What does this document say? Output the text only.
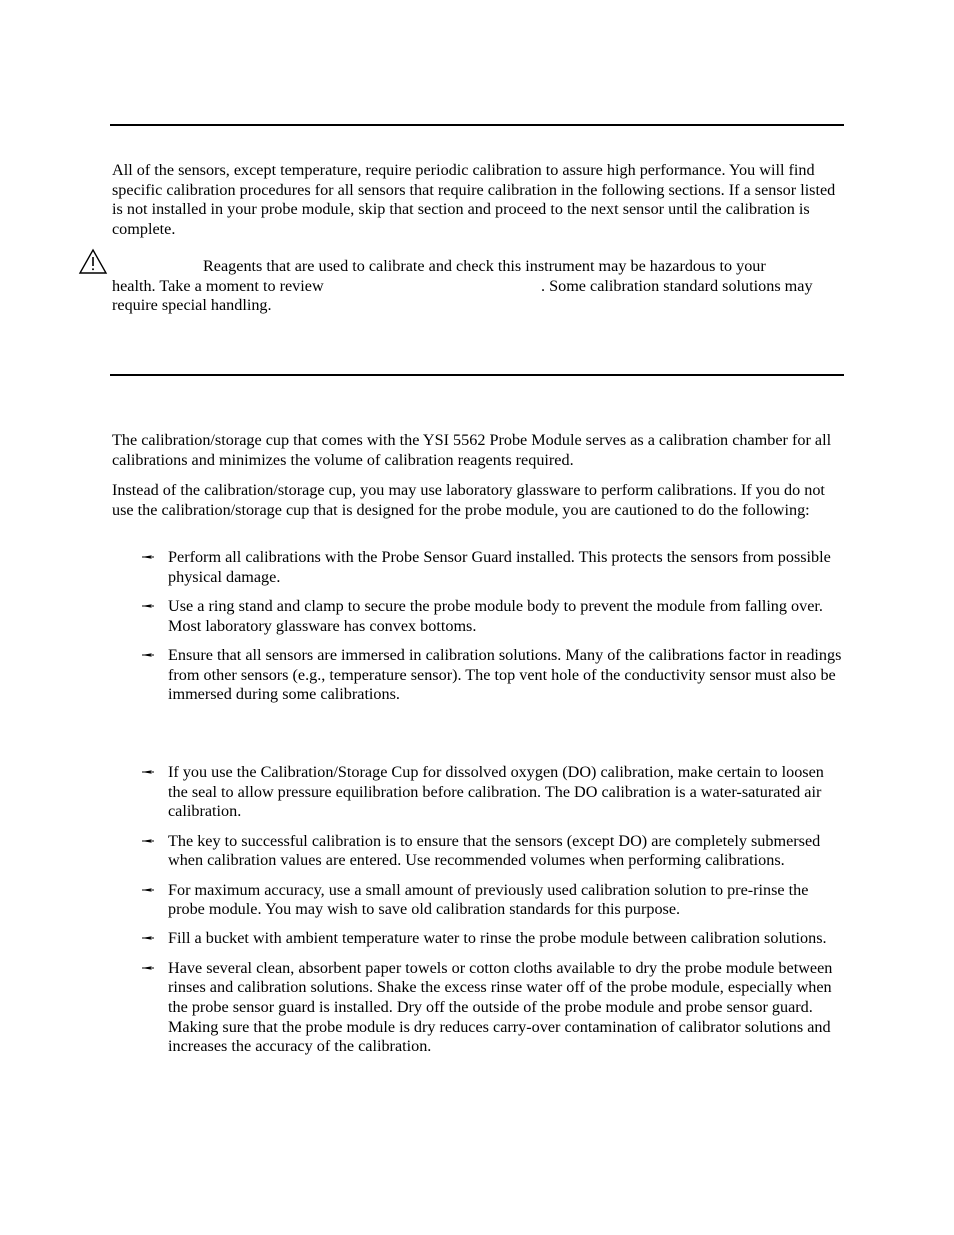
All of the sensors, except temperature, require periodic calibration to assure high performance. You will find specific calibration procedures for all sensors that require calibration in the following sections. If a sensor listed is not installed in your probe module, skip that section and proceed to the next sensor until the calibration is complete.

Reagents that are used to calibrate and check this instrument may be hazardous to your
health. Take a moment to review	. Some calibration standard solutions may
require special handling.

The calibration/storage cup that comes with the YSI 5562 Probe Module serves as a calibration chamber for all calibrations and minimizes the volume of calibration reagents required.

Instead of the calibration/storage cup, you may use laboratory glassware to perform calibrations. If you do not use the calibration/storage cup that is designed for the probe module, you are cautioned to do the following:

Perform all calibrations with the Probe Sensor Guard installed. This protects the sensors from possible physical damage.
Use a ring stand and clamp to secure the probe module body to prevent the module from falling over. Most laboratory glassware has convex bottoms.
Ensure that all sensors are immersed in calibration solutions. Many of the calibrations factor in readings from other sensors (e.g., temperature sensor). The top vent hole of the conductivity sensor must also be immersed during some calibrations.
If you use the Calibration/Storage Cup for dissolved oxygen (DO) calibration, make certain to loosen the seal to allow pressure equilibration before calibration. The DO calibration is a water-saturated air calibration.
The key to successful calibration is to ensure that the sensors (except DO) are completely submersed when calibration values are entered. Use recommended volumes when performing calibrations.
For maximum accuracy, use a small amount of previously used calibration solution to pre-rinse the probe module. You may wish to save old calibration standards for this purpose.
Fill a bucket with ambient temperature water to rinse the probe module between calibration solutions.
Have several clean, absorbent paper towels or cotton cloths available to dry the probe module between rinses and calibration solutions. Shake the excess rinse water off of the probe module, especially when the probe sensor guard is installed. Dry off the outside of the probe module and probe sensor guard. Making sure that the probe module is dry reduces carry-over contamination of calibrator solutions and increases the accuracy of the calibration.
